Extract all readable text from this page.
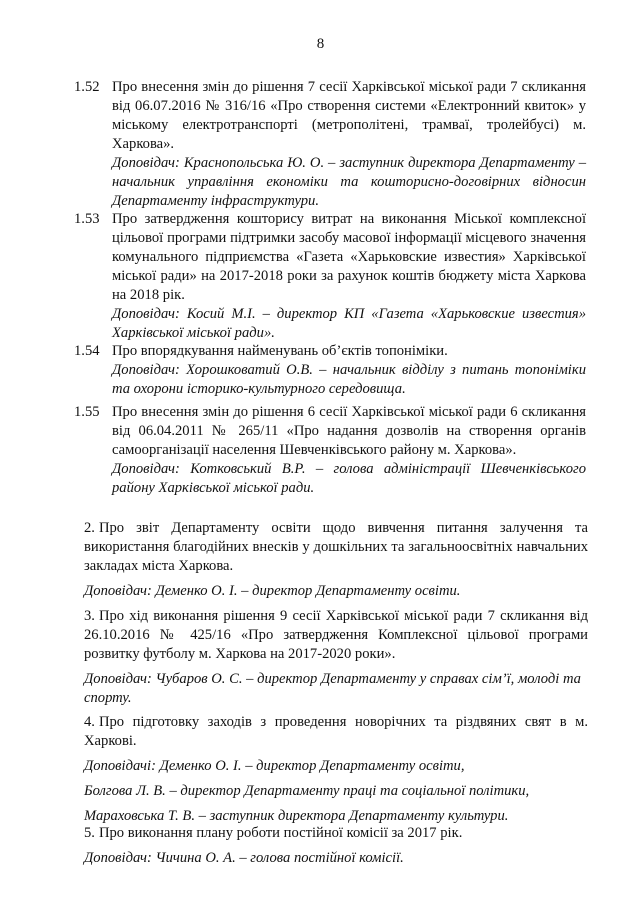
8
1.52 Про внесення змін до рішення 7 сесії Харківської міської ради 7 скликання від 06.07.2016 № 316/16 «Про створення системи «Електронний квиток» у міському електротранспорті (метрополітені, трамваї, тролейбусі) м. Харкова».

Доповідач: Краснопольська Ю. О. – заступник директора Департаменту – начальник управління економіки та кошторисно-договірних відносин Департаменту інфраструктури.

1.53 Про затвердження кошторису витрат на виконання Міської комплексної цільової програми підтримки засобу масової інформації місцевого значення комунального підприємства «Газета «Харьковские известия» Харківської міської ради» на 2017-2018 роки за рахунок коштів бюджету міста Харкова на 2018 рік.

Доповідач: Косий М.І. – директор КП «Газета «Харьковские известия» Харківської міської ради».

1.54 Про впорядкування найменувань об’єктів топоніміки.

Доповідач: Хорошковатий О.В. – начальник відділу з питань топоніміки та охорони історико-культурного середовища.

1.55 Про внесення змін до рішення 6 сесії Харківської міської ради 6 скликання від 06.04.2011 № 265/11 «Про надання дозволів на створення органів самоорганізації населення Шевченківського району м. Харкова».

Доповідач: Котковський В.Р. – голова адміністрації Шевченківського району Харківської міської ради.

2. Про звіт Департаменту освіти щодо вивчення питання залучення та використання благодійних внесків у дошкільних та загальноосвітніх навчальних закладах міста Харкова.

Доповідач: Деменко О. І. – директор Департаменту освіти.

3. Про хід виконання рішення 9 сесії Харківської міської ради 7 скликання від 26.10.2016 № 425/16 «Про затвердження Комплексної цільової програми розвитку футболу м. Харкова на 2017-2020 роки».

Доповідач: Чубаров О. С. – директор Департаменту у справах сім’ї, молоді та спорту.

4. Про підготовку заходів з проведення новорічних та різдвяних свят в м. Харкові.

Доповідачі: Деменко О. І. – директор Департаменту освіти,

Болгова Л. В. – директор Департаменту праці та соціальної політики,

Мараховська Т. В. – заступник директора Департаменту культури.

5. Про виконання плану роботи постійної комісії за 2017 рік.

Доповідач: Чичина О. А. – голова постійної комісії.
